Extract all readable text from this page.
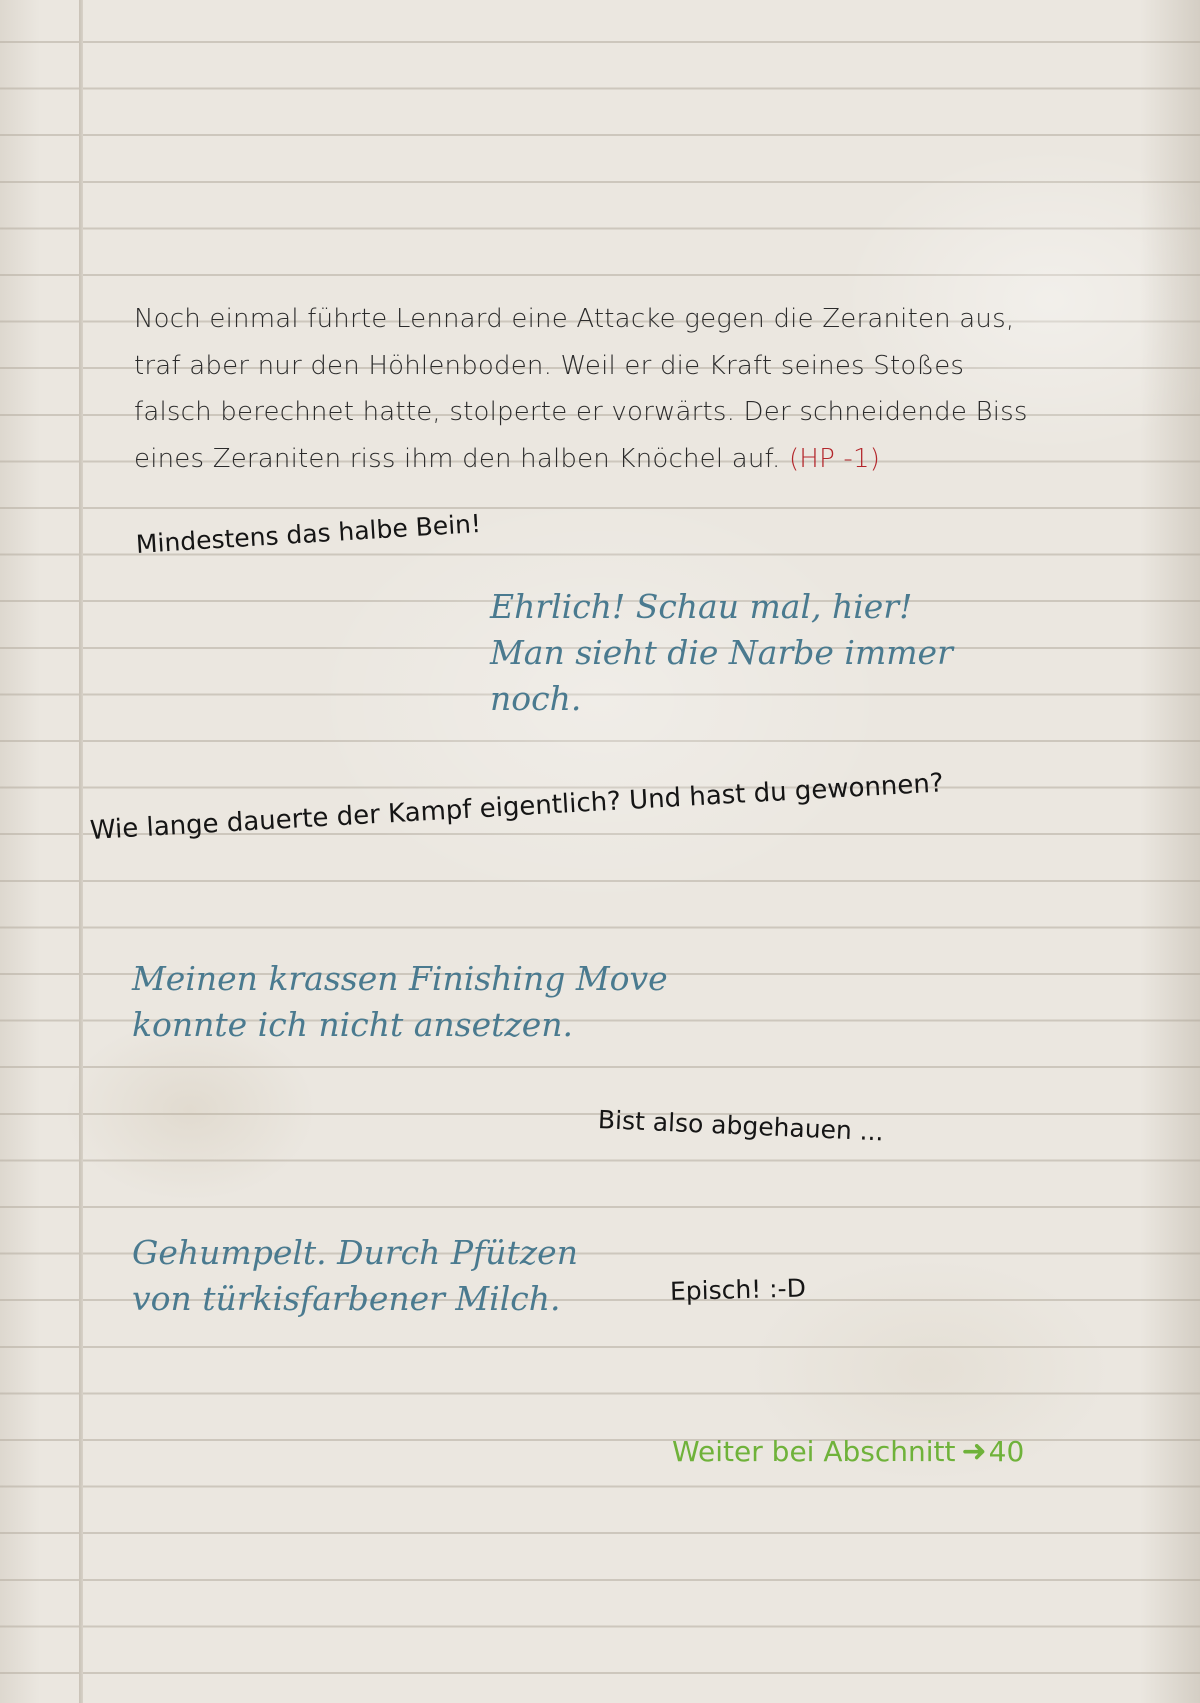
Noch einmal führte Lennard eine Attacke gegen die Zeraniten aus,
traf aber nur den Höhlenboden. Weil er die Kraft seines Stoßes
falsch berechnet hatte, stolperte er vorwärts. Der schneidende Biss
eines Zeraniten riss ihm den halben Knöchel auf. (HP -1)
Mindestens das halbe Bein!
Ehrlich! Schau mal, hier!
Man sieht die Narbe immer
noch.
Wie lange dauerte der Kampf eigentlich? Und hast du gewonnen?
Meinen krassen Finishing Move
konnte ich nicht ansetzen.
Bist also abgehauen ...
Gehumpelt. Durch Pfützen
von türkisfarbener Milch.	Episch! :-D
Weiter bei Abschnitt ➜40
